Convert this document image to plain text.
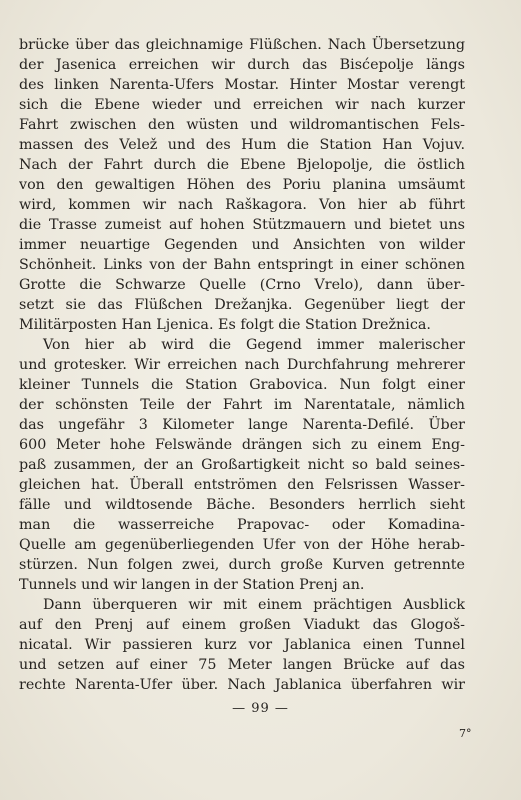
brücke über das gleichnamige Flüßchen. Nach Übersetzung
der Jasenica erreichen wir durch das Bisćepolje längs
des linken Narenta-Ufers Mostar. Hinter Mostar verengt
sich die Ebene wieder und erreichen wir nach kurzer
Fahrt zwischen den wüsten und wildromantischen Fels-
massen des Velež und des Hum die Station Han Vojuv.
Nach der Fahrt durch die Ebene Bjelopolje, die östlich
von den gewaltigen Höhen des Poriu planina umsäumt
wird, kommen wir nach Raškagora. Von hier ab führt
die Trasse zumeist auf hohen Stützmauern und bietet uns
immer neuartige Gegenden und Ansichten von wilder
Schönheit. Links von der Bahn entspringt in einer schönen
Grotte die Schwarze Quelle (Crno Vrelo), dann über-
setzt sie das Flüßchen Drežanjka. Gegenüber liegt der
Militärposten Han Ljenica. Es folgt die Station Drežnica.
Von hier ab wird die Gegend immer malerischer
und grotesker. Wir erreichen nach Durchfahrung mehrerer
kleiner Tunnels die Station Grabovica. Nun folgt einer
der schönsten Teile der Fahrt im Narentatale, nämlich
das ungefähr 3 Kilometer lange Narenta-Defilé. Über
600 Meter hohe Felswände drängen sich zu einem Eng-
paß zusammen, der an Großartigkeit nicht so bald seines-
gleichen hat. Überall entströmen den Felsrissen Wasser-
fälle und wildtosende Bäche. Besonders herrlich sieht
man die wasserreiche Prapovac- oder Komadina-
Quelle am gegenüberliegenden Ufer von der Höhe herab-
stürzen. Nun folgen zwei, durch große Kurven getrennte
Tunnels und wir langen in der Station Prenj an.
Dann überqueren wir mit einem prächtigen Ausblick
auf den Prenj auf einem großen Viadukt das Glogoš-
nicatal. Wir passieren kurz vor Jablanica einen Tunnel
und setzen auf einer 75 Meter langen Brücke auf das
rechte Narenta-Ufer über. Nach Jablanica überfahren wir
— 99 —
7°
